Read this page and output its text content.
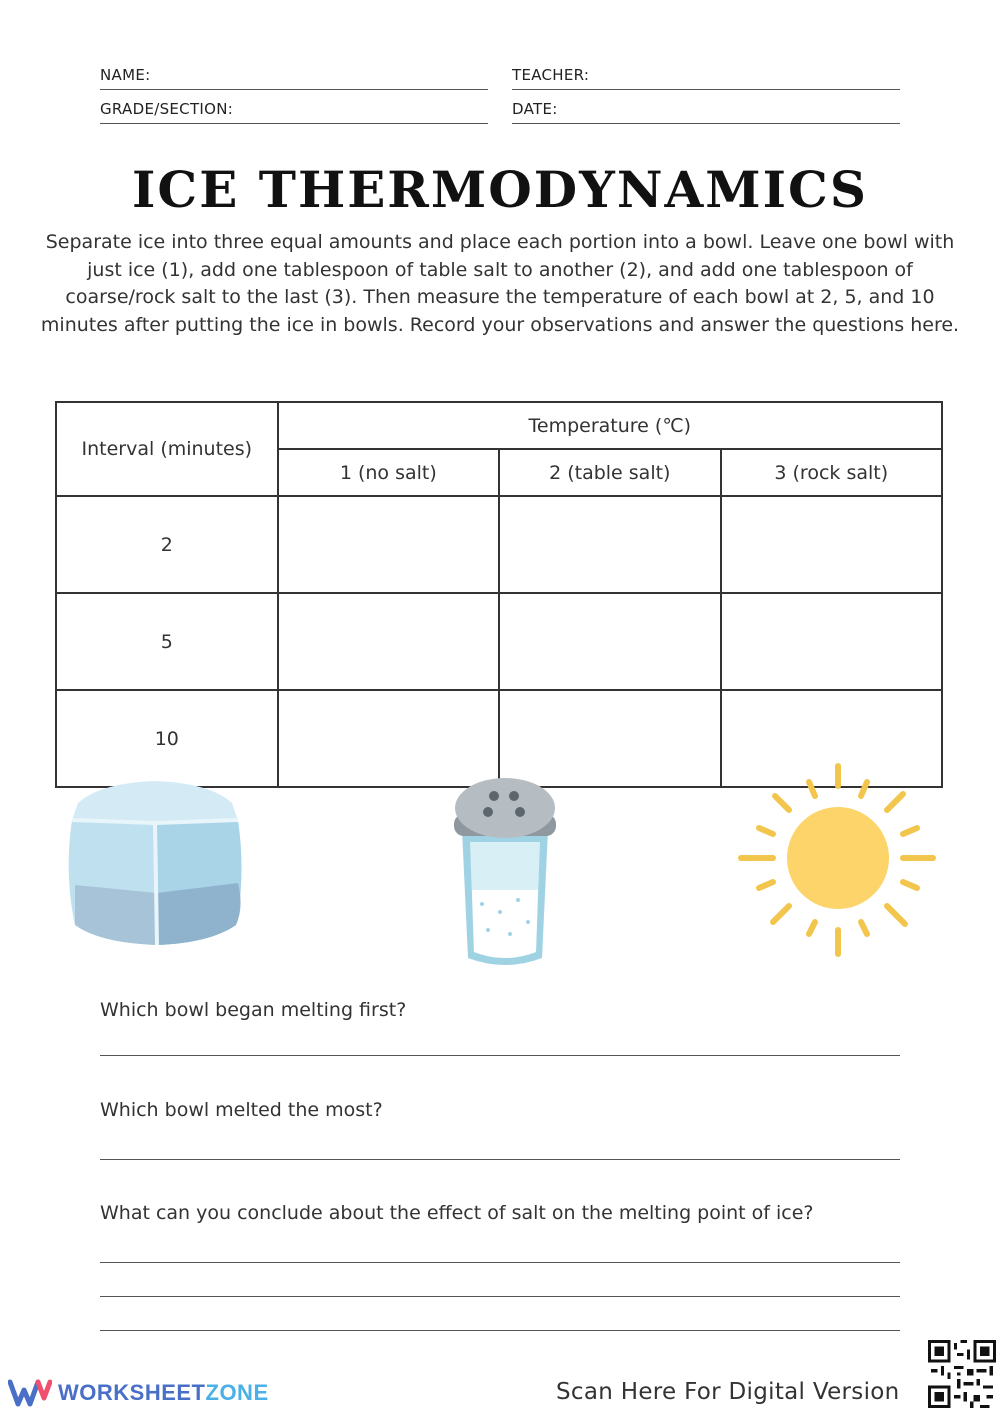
NAME:	TEACHER:
GRADE/SECTION:	DATE:
ICE THERMODYNAMICS
Separate ice into three equal amounts and place each portion into a bowl. Leave one bowl with just ice (1), add one tablespoon of table salt to another (2), and add one tablespoon of coarse/rock salt to the last (3). Then measure the temperature of each bowl at 2, 5, and 10 minutes after putting the ice in bowls. Record your observations and answer the questions here.
Interval (minutes)	Temperature (℃)		
	1 (no salt)	2 (table salt)	3 (rock salt)
2			
5			
10			
Which bowl began melting first?
Which bowl melted the most?
What can you conclude about the effect of salt on the melting point of ice?
WORKSHEETZONE	Scan Here For Digital Version
